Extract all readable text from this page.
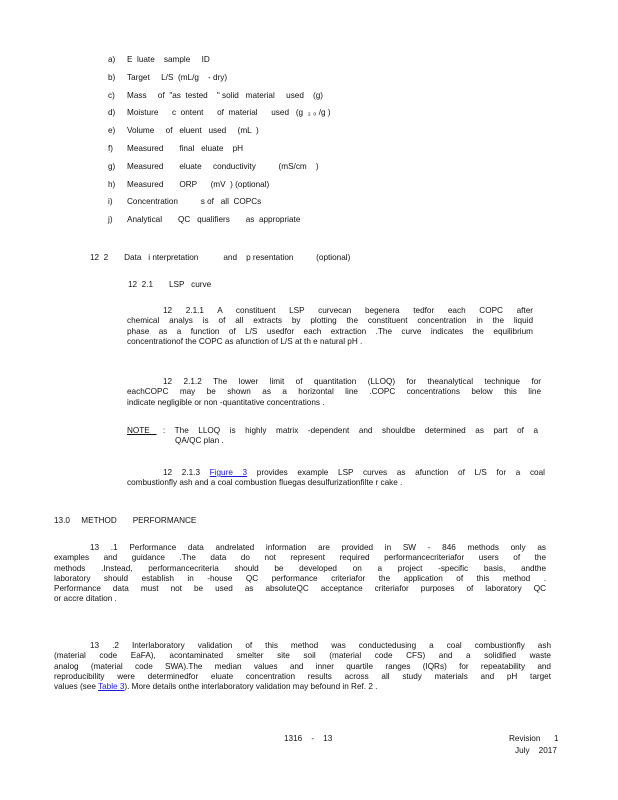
a) E  luate    sample     ID
b) Target     L/S  (mL/g    - dry)
c) Mass     of  "as  tested    " solid   material     used    (g)
d) Moisture      c  ontent      of  material      used   (g  ₂ ₀ /g )
e) Volume     of   eluent   used     (mL  )
f) Measured       final   eluate    pH
g) Measured       eluate     conductivity          (mS/cm    )
h) Measured       ORP      (mV  ) (optional)
i) Concentration          s of   all  COPCs
j) Analytical       QC   qualifiers       as  appropriate
12  2       Data   i nterpretation           and    p resentation          (optional)
12  2.1       LSP   curve
12 2.1.1 A constituent LSP curvecan begenera tedfor each COPC after
chemical analys is of all extracts by plotting the constituent concentration in the liquid
phase as a function of L/S usedfor each extraction .The curve indicates the equilibrium
concentrationof the COPC as afunction of L/S at th e natural pH .
12 2.1.2 The lower limit of quantitation (LLOQ) for theanalytical technique for
eachCOPC may be shown as a horizontal line .COPC concentrations below this line
indicate negligible or non -quantitative concentrations .
NOTE : The LLOQ is highly matrix -dependent and shouldbe determined as part of a
QA/QC plan .
12 2.1.3 Figure 3 provides example LSP curves as afunction of L/S for a coal
combustionfly ash and a coal combustion fluegas desulfurizationfilte r cake .
13.0     METHOD       PERFORMANCE
13 .1 Performance data andrelated information are provided in SW - 846 methods only as
examples and guidance .The data do not represent required performancecriteriafor users of the
methods .Instead, performancecriteria should be developed on a project -specific basis, andthe
laboratory should establish in -house QC performance criteriafor the application of this method .
Performance data must not be used as absoluteQC acceptance criteriafor purposes of laboratory QC
or accre ditation .
13 .2 Interlaboratory validation of this method was conductedusing a coal combustionfly ash
(material code EaFA), acontaminated smelter site soil (material code CFS) and a solidified waste
analog (material code SWA).The median values and inner quartile ranges (IQRs) for repeatability and
reproducibility were determinedfor eluate concentration results across all study materials and pH target
values (see Table 3). More details onthe interlaboratory validation may befound in Ref. 2 .
1316    -    13	Revision      1
July    2017
